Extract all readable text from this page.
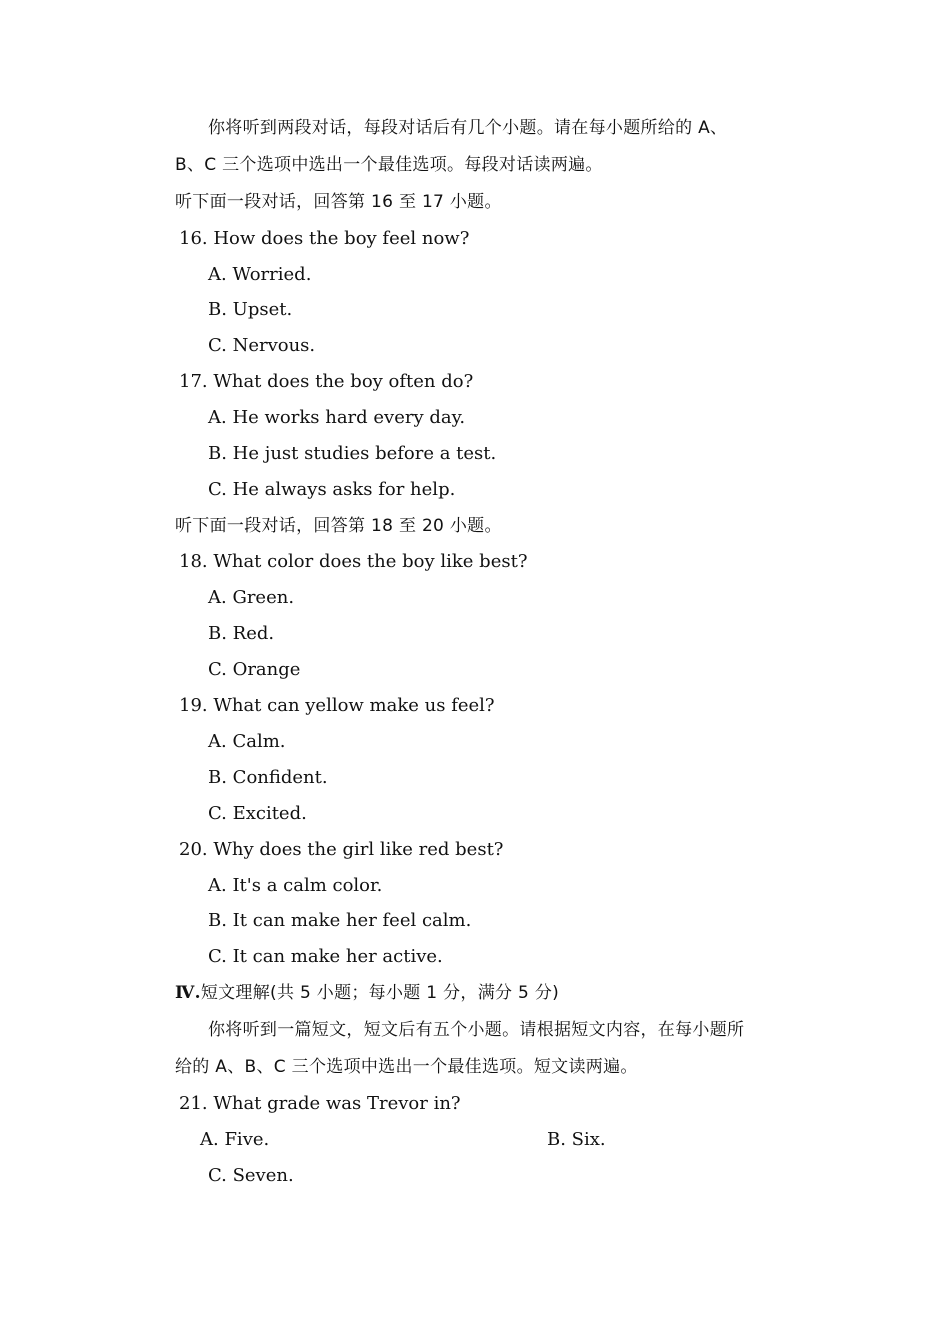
你将听到两段对话，每段对话后有几个小题。请在每小题所给的 A、
B、C 三个选项中选出一个最佳选项。每段对话读两遍。
听下面一段对话，回答第 16 至 17 小题。
16. How does the boy feel now?
A. Worried.
B. Upset.
C. Nervous.
17. What does the boy often do?
A. He works hard every day.
B. He just studies before a test.
C. He always asks for help.
听下面一段对话，回答第 18 至 20 小题。
18. What color does the boy like best?
A. Green.
B. Red.
C. Orange
19. What can yellow make us feel?
A. Calm.
B. Confident.
C. Excited.
20. Why does the girl like red best?
A. It's a calm color.
B. It can make her feel calm.
C. It can make her active.
Ⅳ.短文理解(共 5 小题；每小题 1 分，满分 5 分)
你将听到一篇短文，短文后有五个小题。请根据短文内容，在每小题所
给的 A、B、C 三个选项中选出一个最佳选项。短文读两遍。
21. What grade was Trevor in?
A. Five.	B. Six.
C. Seven.
